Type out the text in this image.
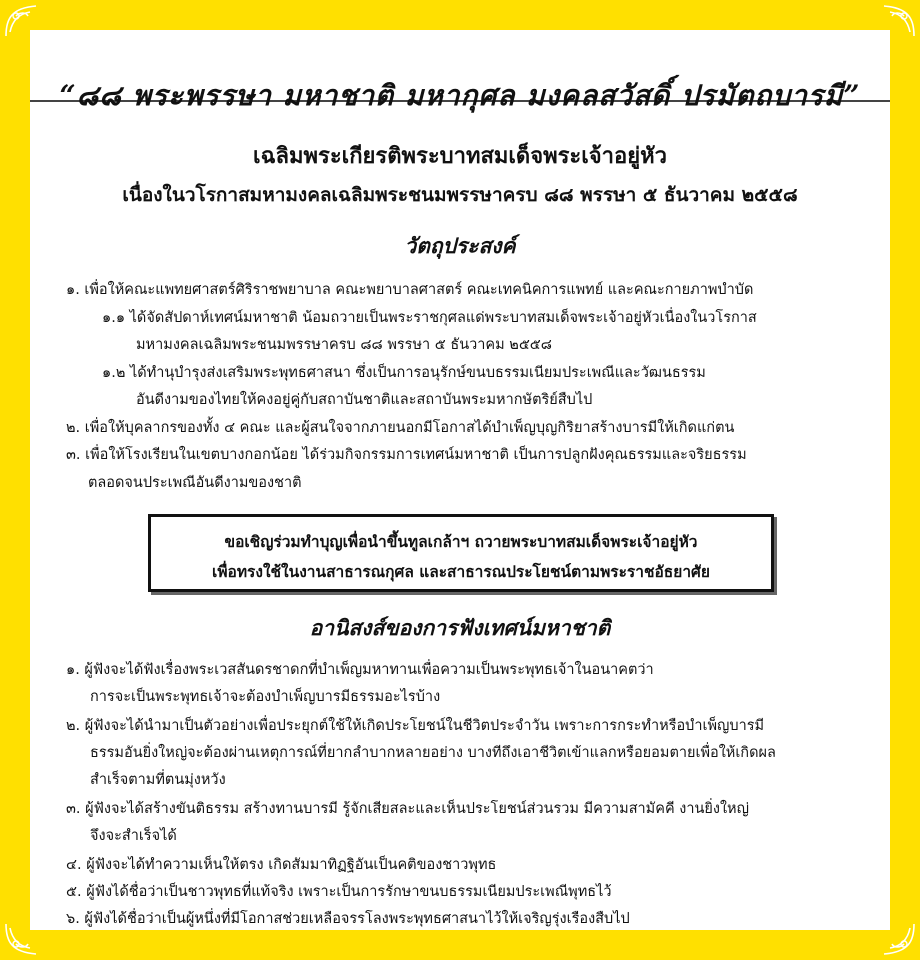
“๘๘ พระพรรษา มหาชาติ มหากุศล มงคลสวัสดิ์ ปรมัตถบารมี”
เฉลิมพระเกียรติพระบาทสมเด็จพระเจ้าอยู่หัว
เนื่องในวโรกาสมหามงคลเฉลิมพระชนมพรรษาครบ ๘๘ พรรษา ๕ ธันวาคม ๒๕๕๘
วัตถุประสงค์
๑. เพื่อให้คณะแพทยศาสตร์ศิริราชพยาบาล คณะพยาบาลศาสตร์ คณะเทคนิคการแพทย์ และคณะกายภาพบำบัด
๑.๑ ได้จัดสัปดาห์เทศน์มหาชาติ น้อมถวายเป็นพระราชกุศลแด่พระบาทสมเด็จพระเจ้าอยู่หัวเนื่องในวโรกาส
มหามงคลเฉลิมพระชนมพรรษาครบ ๘๘ พรรษา ๕ ธันวาคม ๒๕๕๘
๑.๒ ได้ทำนุบำรุงส่งเสริมพระพุทธศาสนา ซึ่งเป็นการอนุรักษ์ขนบธรรมเนียมประเพณีและวัฒนธรรม
อันดีงามของไทยให้คงอยู่คู่กับสถาบันชาติและสถาบันพระมหากษัตริย์สืบไป
๒. เพื่อให้บุคลากรของทั้ง ๔ คณะ และผู้สนใจจากภายนอกมีโอกาสได้บำเพ็ญบุญกิริยาสร้างบารมีให้เกิดแก่ตน
๓. เพื่อให้โรงเรียนในเขตบางกอกน้อย ได้ร่วมกิจกรรมการเทศน์มหาชาติ เป็นการปลูกฝังคุณธรรมและจริยธรรม
ตลอดจนประเพณีอันดีงามของชาติ
ขอเชิญร่วมทำบุญเพื่อนำขึ้นทูลเกล้าฯ ถวายพระบาทสมเด็จพระเจ้าอยู่หัว
เพื่อทรงใช้ในงานสาธารณกุศล และสาธารณประโยชน์ตามพระราชอัธยาศัย
อานิสงส์ของการฟังเทศน์มหาชาติ
๑. ผู้ฟังจะได้ฟังเรื่องพระเวสสันดรชาดกที่บำเพ็ญมหาทานเพื่อความเป็นพระพุทธเจ้าในอนาคตว่า
การจะเป็นพระพุทธเจ้าจะต้องบำเพ็ญบารมีธรรมอะไรบ้าง
๒. ผู้ฟังจะได้นำมาเป็นตัวอย่างเพื่อประยุกต์ใช้ให้เกิดประโยชน์ในชีวิตประจำวัน เพราะการกระทำหรือบำเพ็ญบารมี
ธรรมอันยิ่งใหญ่จะต้องผ่านเหตุการณ์ที่ยากลำบากหลายอย่าง บางทีถึงเอาชีวิตเข้าแลกหรือยอมตายเพื่อให้เกิดผล
สำเร็จตามที่ตนมุ่งหวัง
๓. ผู้ฟังจะได้สร้างขันติธรรม สร้างทานบารมี รู้จักเสียสละและเห็นประโยชน์ส่วนรวม มีความสามัคคี งานยิ่งใหญ่
จึงจะสำเร็จได้
๔. ผู้ฟังจะได้ทำความเห็นให้ตรง เกิดสัมมาทิฏฐิอันเป็นคติของชาวพุทธ
๕. ผู้ฟังได้ชื่อว่าเป็นชาวพุทธที่แท้จริง เพราะเป็นการรักษาขนบธรรมเนียมประเพณีพุทธไว้
๖. ผู้ฟังได้ชื่อว่าเป็นผู้หนึ่งที่มีโอกาสช่วยเหลือจรรโลงพระพุทธศาสนาไว้ให้เจริญรุ่งเรืองสืบไป
